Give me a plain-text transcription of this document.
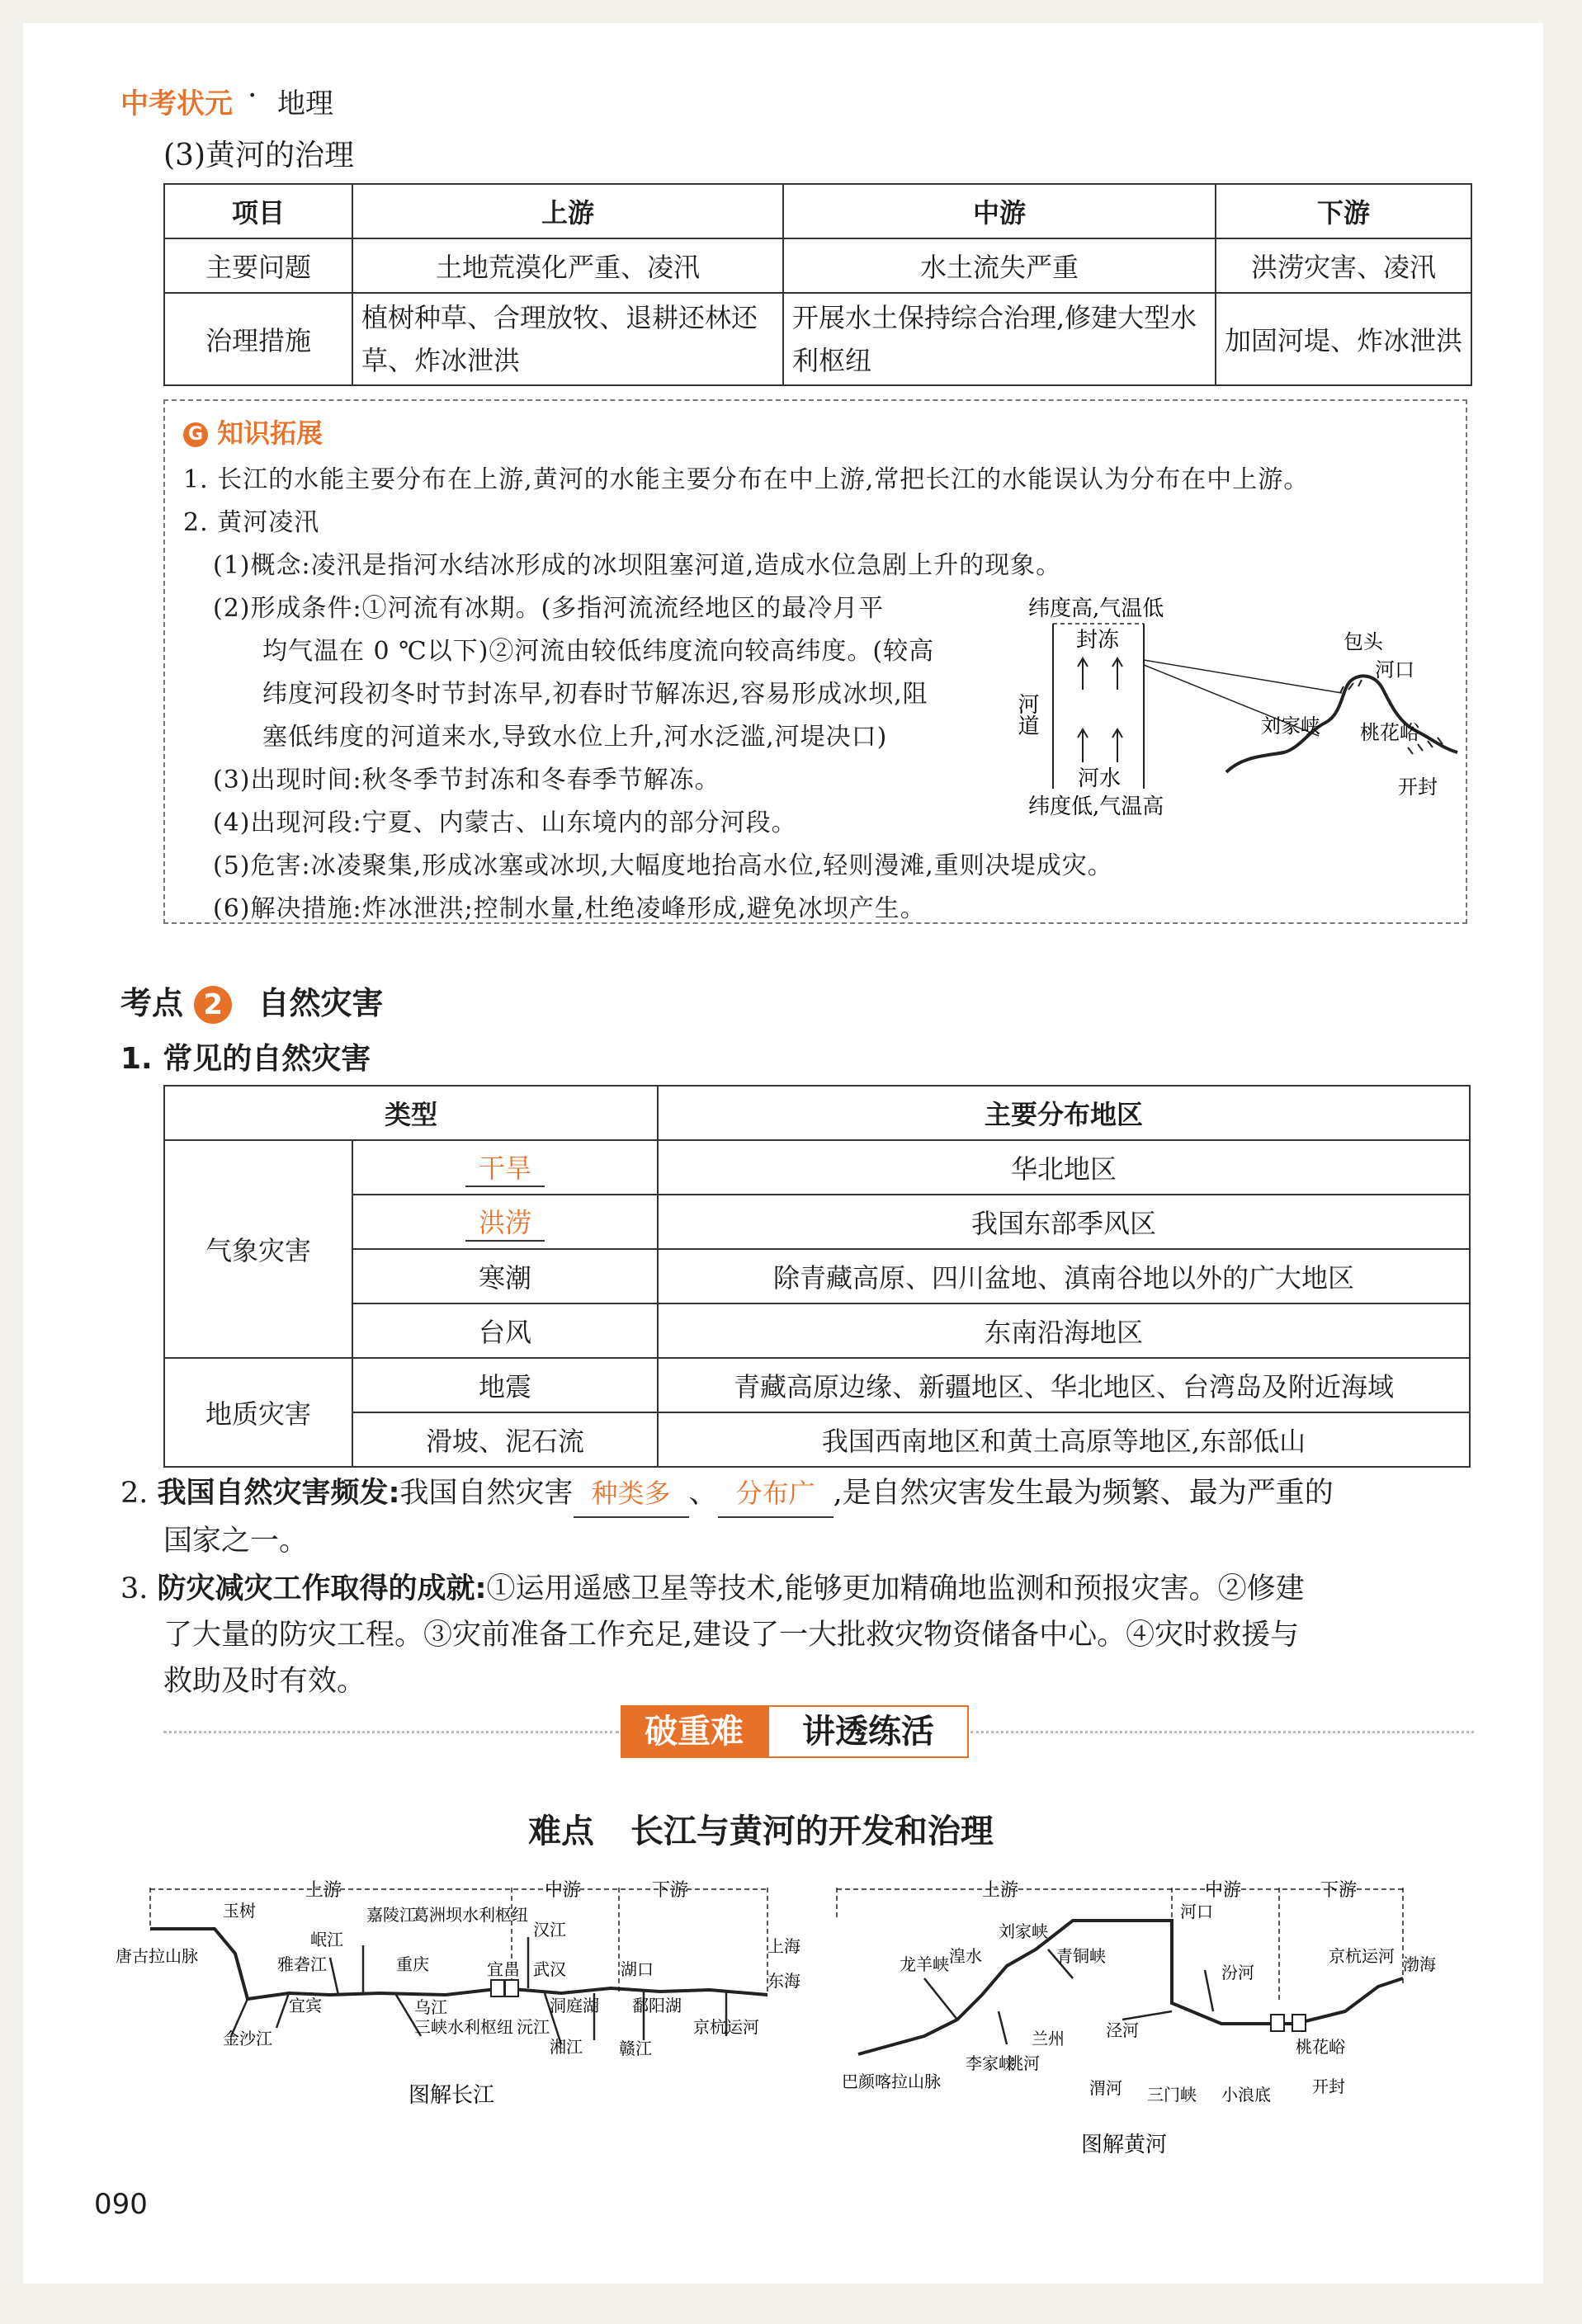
中考状元 · 地理
(3)黄河的治理
项目	上游	中游	下游
主要问题	土地荒漠化严重、凌汛	水土流失严重	洪涝灾害、凌汛
治理措施	植树种草、合理放牧、退耕还林还草、炸冰泄洪	开展水土保持综合治理,修建大型水利枢纽	加固河堤、炸冰泄洪
G 知识拓展
1. 长江的水能主要分布在上游,黄河的水能主要分布在中上游,常把长江的水能误认为分布在中上游。
2. 黄河凌汛
(1)概念:凌汛是指河水结冰形成的冰坝阻塞河道,造成水位急剧上升的现象。
(2)形成条件:①河流有冰期。(多指河流流经地区的最冷月平
均气温在 0 ℃以下)②河流由较低纬度流向较高纬度。(较高
纬度河段初冬时节封冻早,初春时节解冻迟,容易形成冰坝,阻
塞低纬度的河道来水,导致水位上升,河水泛滥,河堤决口)
(3)出现时间:秋冬季节封冻和冬春季节解冻。
(4)出现河段:宁夏、内蒙古、山东境内的部分河段。
(5)危害:冰凌聚集,形成冰塞或冰坝,大幅度地抬高水位,轻则漫滩,重则决堤成灾。
(6)解决措施:炸冰泄洪;控制水量,杜绝凌峰形成,避免冰坝产生。
纬度高,气温低
纬度低,气温高
封冻
河道
河水
包头
河口
刘家峡 桃花峪
开封
考点 2 自然灾害
1. 常见的自然灾害
类型		主要分布地区
气象灾害	干旱	华北地区
	洪涝	我国东部季风区
	寒潮	除青藏高原、四川盆地、滇南谷地以外的广大地区
	台风	东南沿海地区
地质灾害	地震	青藏高原边缘、新疆地区、华北地区、台湾岛及附近海域
	滑坡、泥石流	我国西南地区和黄土高原等地区,东部低山
2. 我国自然灾害频发:我国自然灾害 种类多 、 分布广 ,是自然灾害发生最为频繁、最为严重的
国家之一。
3. 防灾减灾工作取得的成就:①运用遥感卫星等技术,能够更加精确地监测和预报灾害。②修建
了大量的防灾工程。③灾前准备工作充足,建设了一大批救灾物资储备中心。④灾时救援与
救助及时有效。
破重难	讲透练活
难点 长江与黄河的开发和治理
上游	中游	下游
玉树
唐古拉山脉
金沙江
雅砻江
岷江
嘉陵江
葛洲坝水利枢纽
宜宾
重庆
乌江
三峡水利枢纽
汉江
武汉
宜昌
洞庭湖
沅江
湘江
湖口
鄱阳湖
赣江
京杭运河
上海
东海
图解长江
上游	中游	下游
巴颜喀拉山脉
龙羊峡 湟水
刘家峡
青铜峡
李家峡
洮河
兰州	泾河
渭河
河口
汾河
三门峡 小浪底
京杭运河
桃花峪
开封
渤海
图解黄河
090
